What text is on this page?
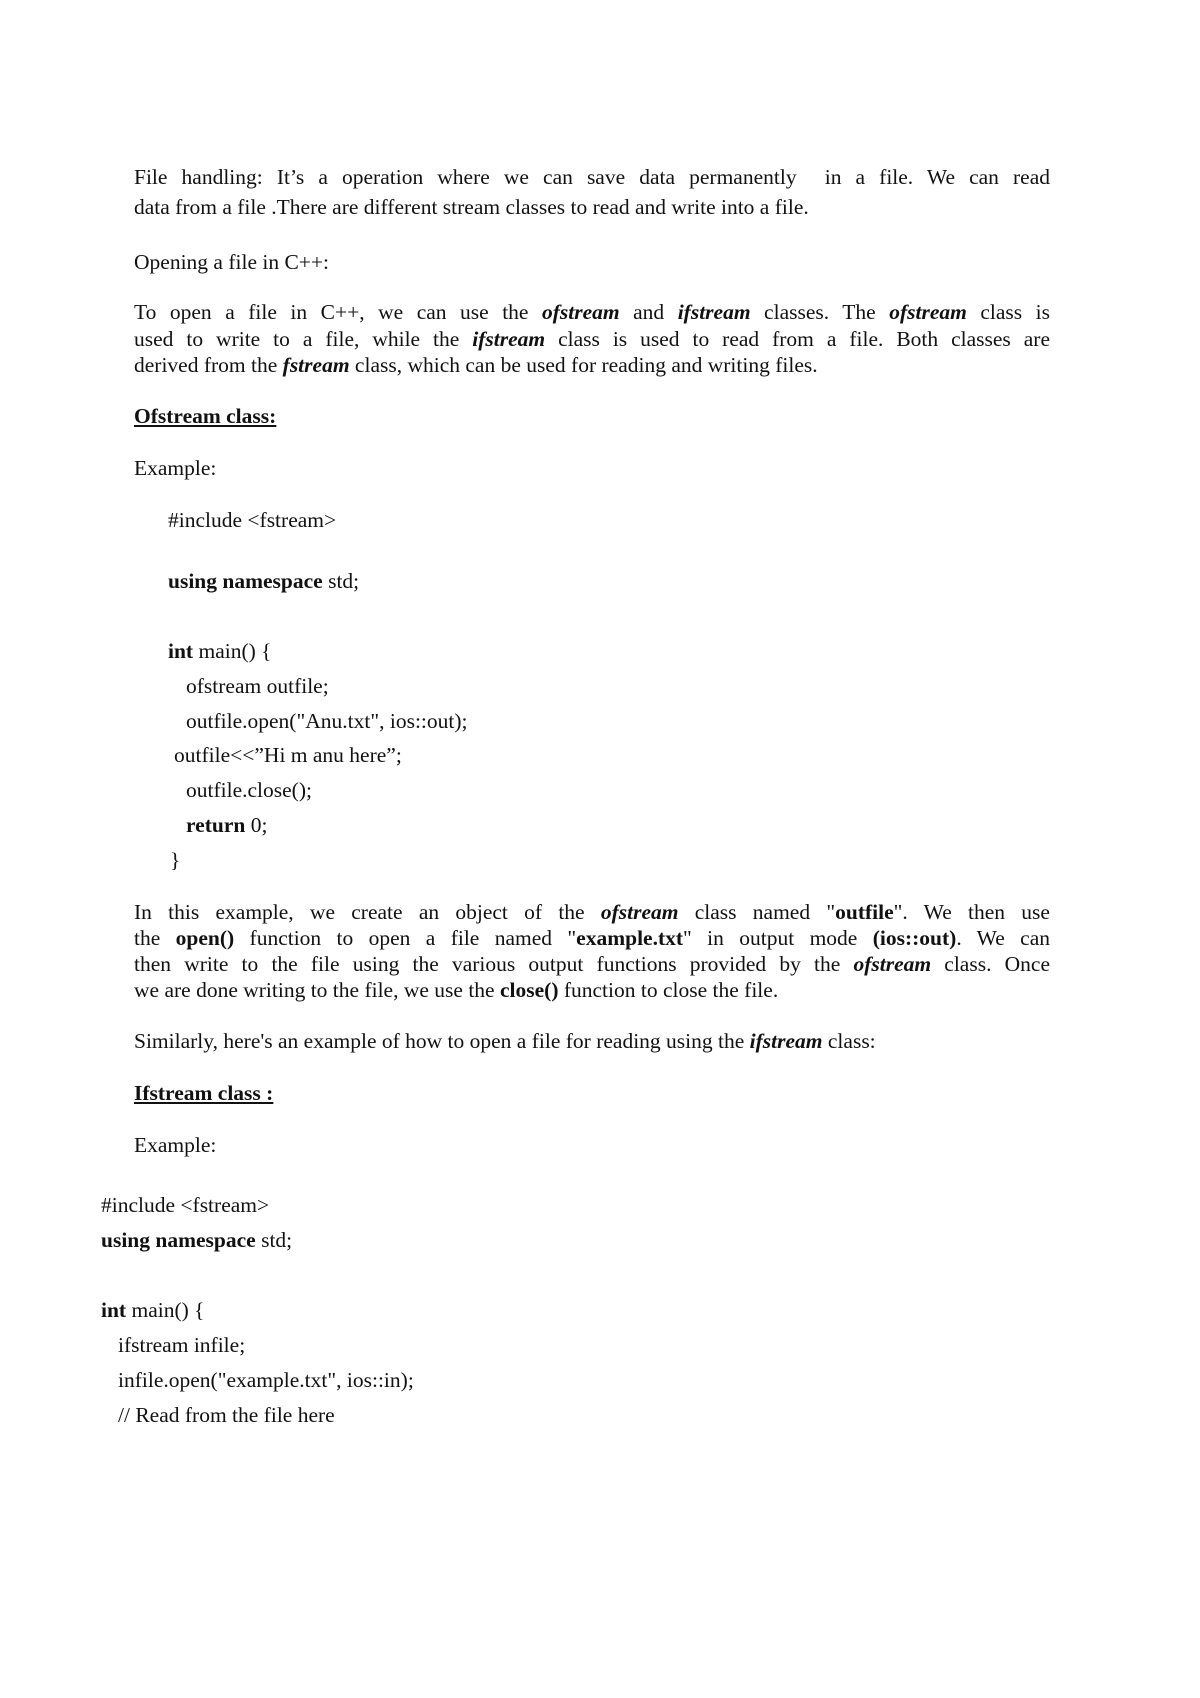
File handling: It’s a operation where we can save data permanently  in a file. We can read
data from a file .There are different stream classes to read and write into a file.
Opening a file in C++:
To open a file in C++, we can use the ofstream and ifstream classes. The ofstream class is
used to write to a file, while the ifstream class is used to read from a file. Both classes are
derived from the fstream class, which can be used for reading and writing files.
Ofstream class:
Example:
#include <fstream>
using namespace std;
int main() {
ofstream outfile;
outfile.open("Anu.txt", ios::out);
outfile<<”Hi m anu here”;
outfile.close();
return 0;
}
In this example, we create an object of the ofstream class named "outfile". We then use
the open() function to open a file named "example.txt" in output mode (ios::out). We can
then write to the file using the various output functions provided by the ofstream class. Once
we are done writing to the file, we use the close() function to close the file.
Similarly, here's an example of how to open a file for reading using the ifstream class:
Ifstream class :
Example:
#include <fstream>
using namespace std;
int main() {
ifstream infile;
infile.open("example.txt", ios::in);
// Read from the file here
